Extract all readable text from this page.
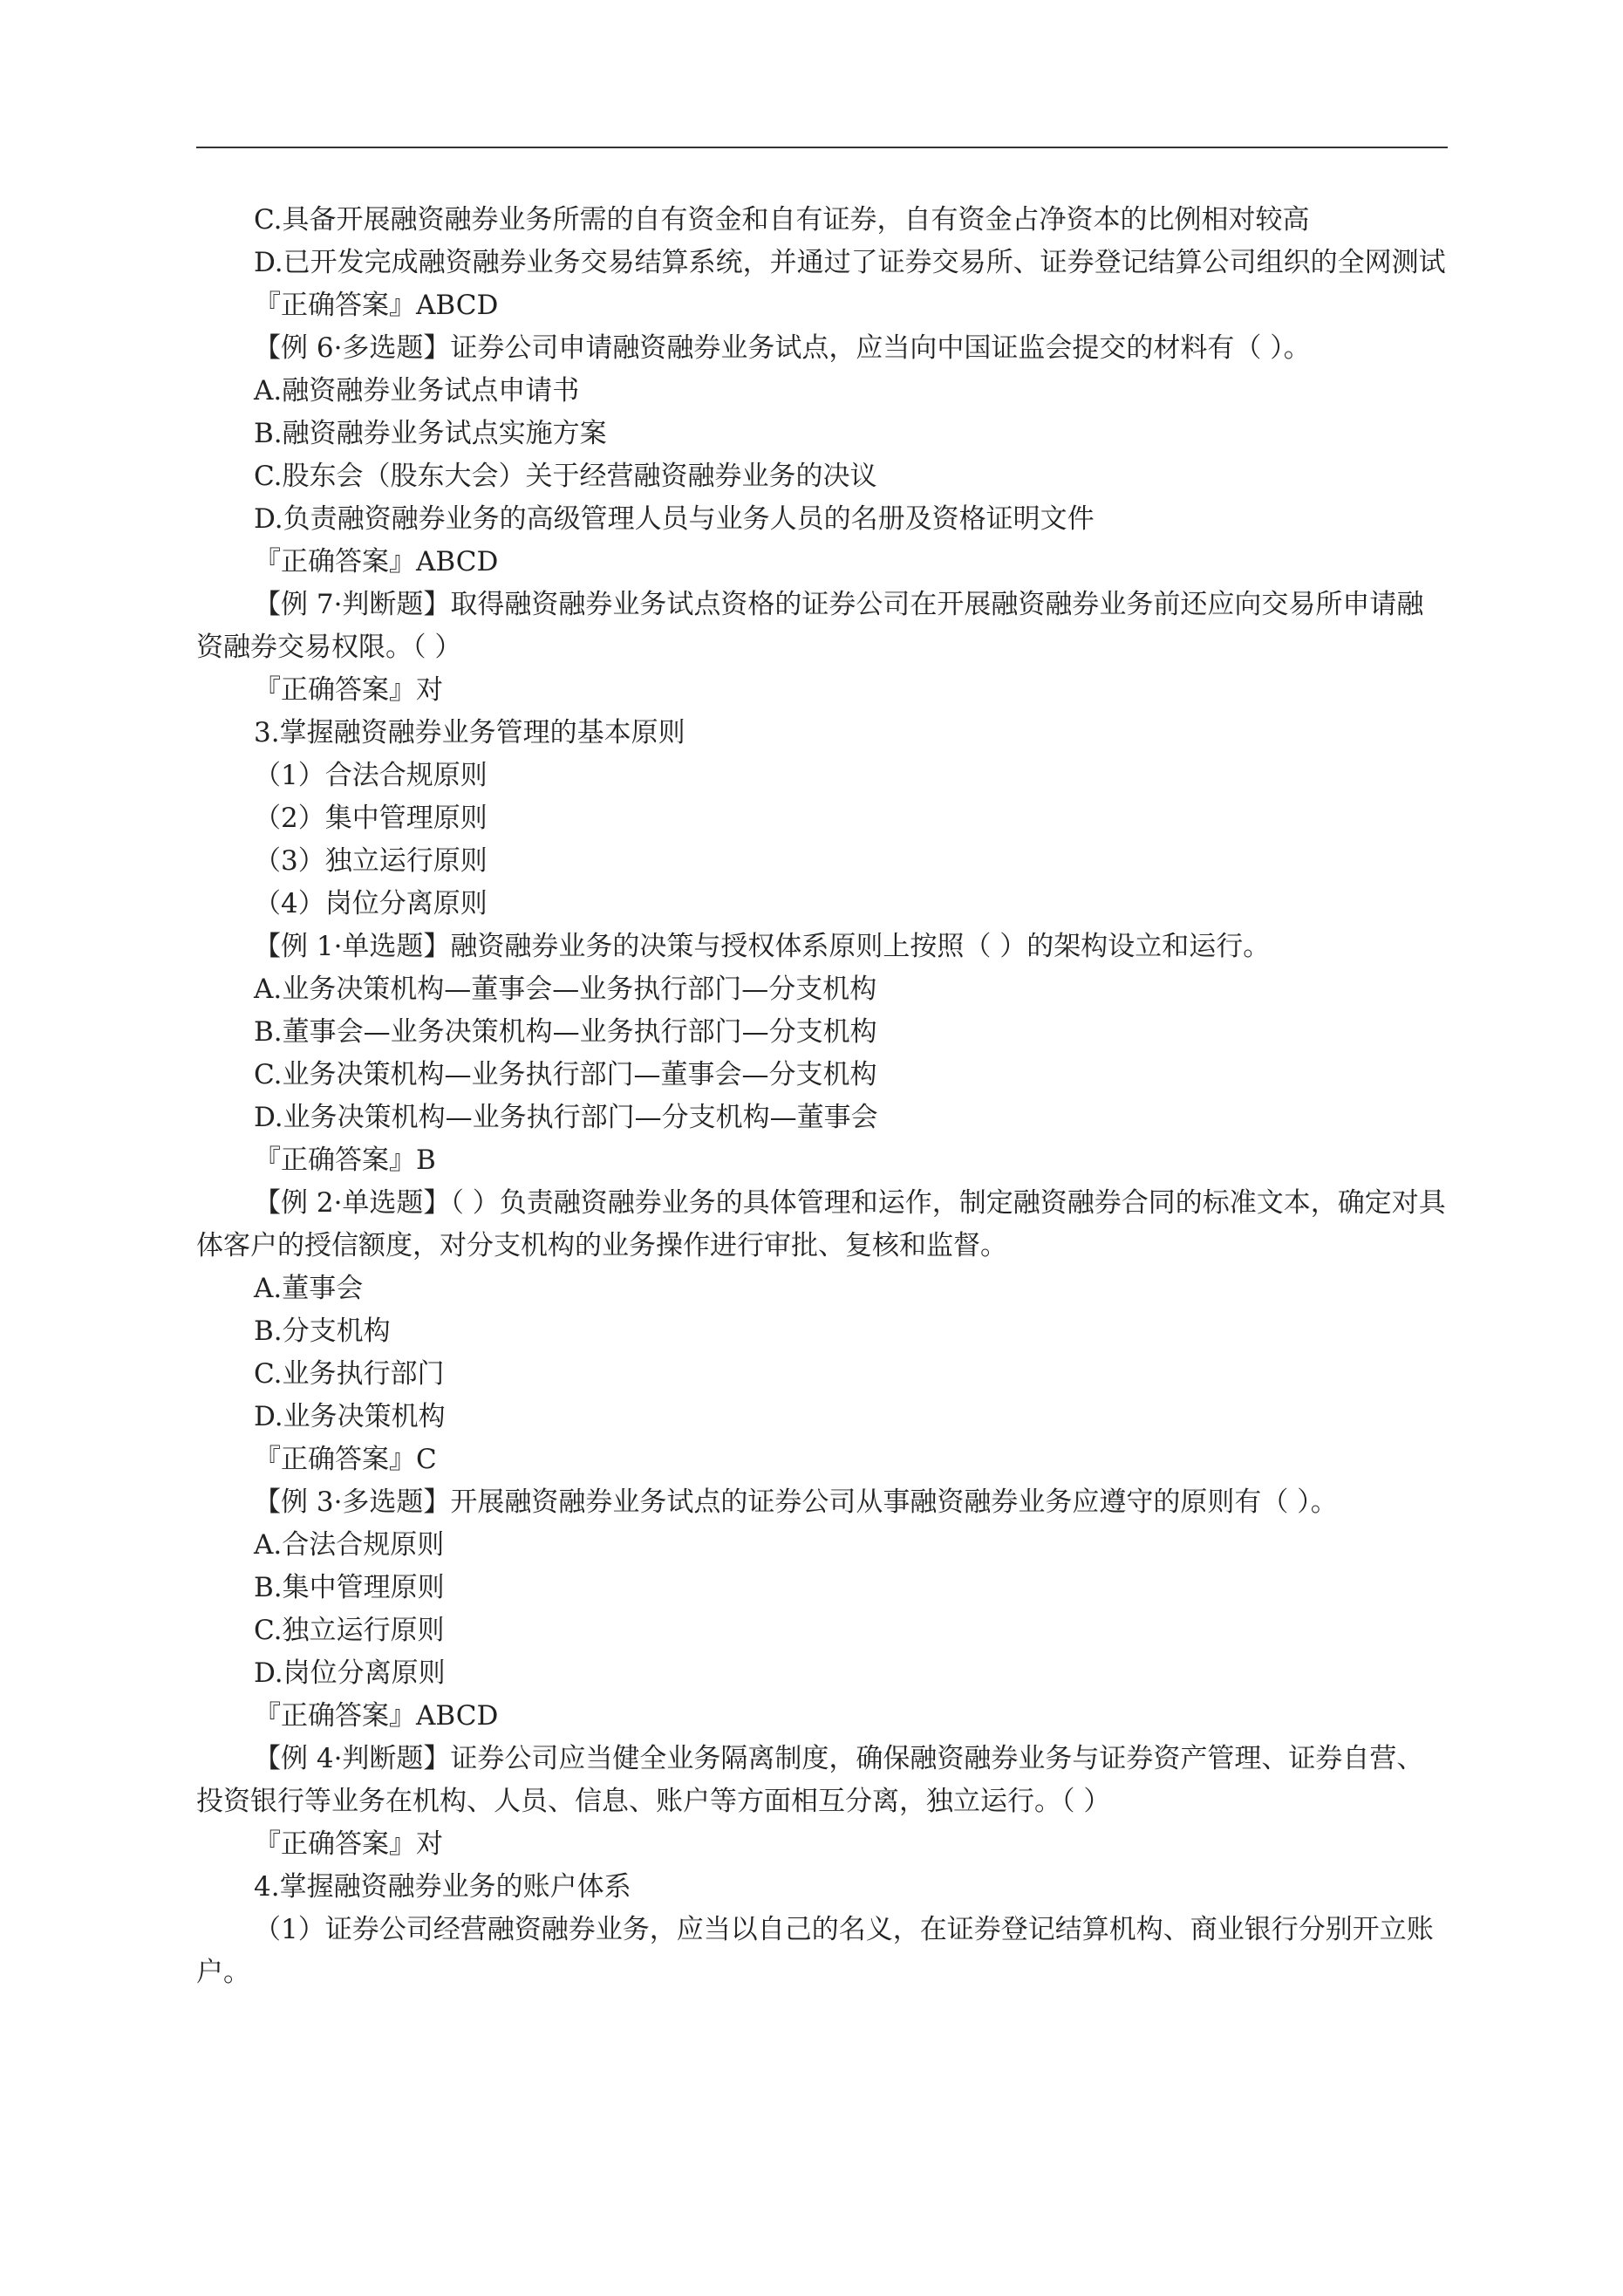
C.具备开展融资融券业务所需的自有资金和自有证券，自有资金占净资本的比例相对较高

D.已开发完成融资融券业务交易结算系统，并通过了证券交易所、证券登记结算公司组织的全网测试

『正确答案』ABCD

【例 6·多选题】证券公司申请融资融券业务试点，应当向中国证监会提交的材料有（ ）。

A.融资融券业务试点申请书

B.融资融券业务试点实施方案

C.股东会（股东大会）关于经营融资融券业务的决议

D.负责融资融券业务的高级管理人员与业务人员的名册及资格证明文件

『正确答案』ABCD

【例 7·判断题】取得融资融券业务试点资格的证券公司在开展融资融券业务前还应向交易所申请融资融券交易权限。（ ）

『正确答案』对

3.掌握融资融券业务管理的基本原则

（1）合法合规原则

（2）集中管理原则

（3）独立运行原则

（4）岗位分离原则

【例 1·单选题】融资融券业务的决策与授权体系原则上按照（ ）的架构设立和运行。

A.业务决策机构—董事会—业务执行部门—分支机构

B.董事会—业务决策机构—业务执行部门—分支机构

C.业务决策机构—业务执行部门—董事会—分支机构

D.业务决策机构—业务执行部门—分支机构—董事会

『正确答案』B

【例 2·单选题】（ ）负责融资融券业务的具体管理和运作，制定融资融券合同的标准文本，确定对具体客户的授信额度，对分支机构的业务操作进行审批、复核和监督。

A.董事会

B.分支机构

C.业务执行部门

D.业务决策机构

『正确答案』C

【例 3·多选题】开展融资融券业务试点的证券公司从事融资融券业务应遵守的原则有（ ）。

A.合法合规原则

B.集中管理原则

C.独立运行原则

D.岗位分离原则

『正确答案』ABCD

【例 4·判断题】证券公司应当健全业务隔离制度，确保融资融券业务与证券资产管理、证券自营、投资银行等业务在机构、人员、信息、账户等方面相互分离，独立运行。（ ）

『正确答案』对

4.掌握融资融券业务的账户体系

（1）证券公司经营融资融券业务，应当以自己的名义，在证券登记结算机构、商业银行分别开立账户。
